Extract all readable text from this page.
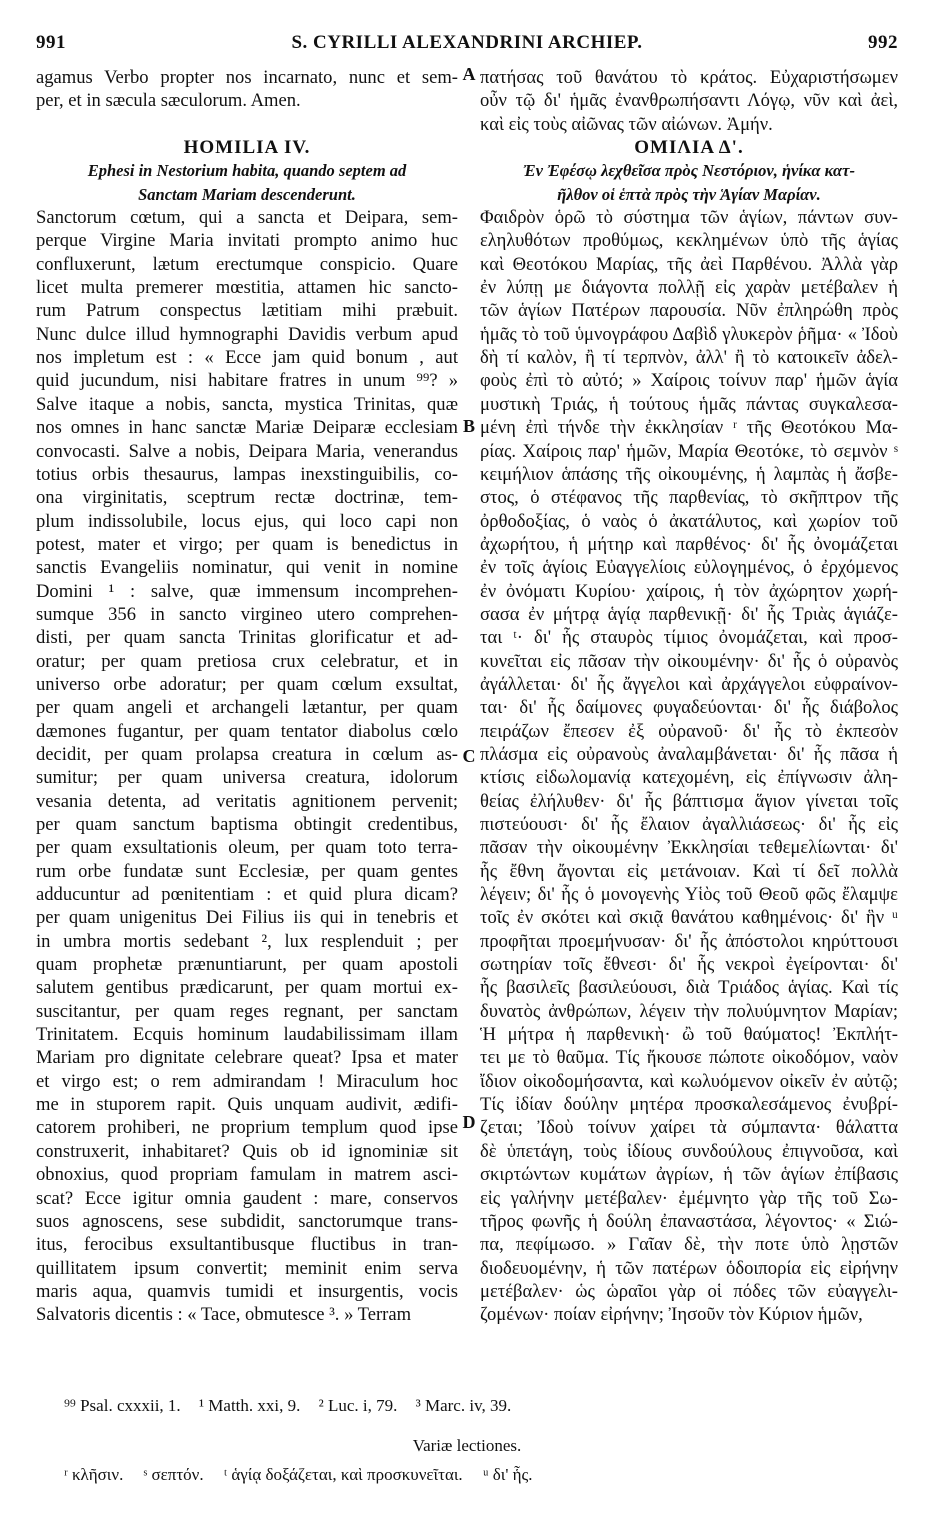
991	S. CYRILLI ALEXANDRINI ARCHIEP.	992
agamus Verbo propter nos incarnato, nunc et sem-
per, et in sæcula sæculorum. Amen.
HOMILIA IV.
Ephesi in Nestorium habita, quando septem ad
Sanctam Mariam descenderunt.
Sanctorum cœtum, qui a sancta et Deipara, sem-
perque Virgine Maria invitati prompto animo huc
confluxerunt, lætum erectumque conspicio. Quare
licet multa premerer mœstitia, attamen hic sancto-
rum Patrum conspectus lætitiam mihi præbuit.
Nunc dulce illud hymnographi Davidis verbum apud
nos impletum est : « Ecce jam quid bonum , aut
quid jucundum, nisi habitare fratres in unum ⁹⁹? »
Salve itaque a nobis, sancta, mystica Trinitas, quæ
nos omnes in hanc sanctæ Mariæ Deiparæ ecclesiam
convocasti. Salve a nobis, Deipara Maria, venerandus
totius orbis thesaurus, lampas inexstinguibilis, co-
ona virginitatis, sceptrum rectæ doctrinæ, tem-
plum indissolubile, locus ejus, qui loco capi non
potest, mater et virgo; per quam is benedictus in
sanctis Evangeliis nominatur, qui venit in nomine
Domini ¹ : salve, quæ immensum incomprehen-
sumque 356 in sancto virgineo utero comprehen-
disti, per quam sancta Trinitas glorificatur et ad-
oratur; per quam pretiosa crux celebratur, et in
universo orbe adoratur; per quam cœlum exsultat,
per quam angeli et archangeli lætantur, per quam
dæmones fugantur, per quam tentator diabolus cœlo
decidit, per quam prolapsa creatura in cœlum as-
sumitur; per quam universa creatura, idolorum
vesania detenta, ad veritatis agnitionem pervenit;
per quam sanctum baptisma obtingit credentibus,
per quam exsultationis oleum, per quam toto terra-
rum orbe fundatæ sunt Ecclesiæ, per quam gentes
adducuntur ad pœnitentiam : et quid plura dicam?
per quam unigenitus Dei Filius iis qui in tenebris et
in umbra mortis sedebant ², lux resplenduit ; per
quam prophetæ prænuntiarunt, per quam apostoli
salutem gentibus prædicarunt, per quam mortui ex-
suscitantur, per quam reges regnant, per sanctam
Trinitatem. Ecquis hominum laudabilissimam illam
Mariam pro dignitate celebrare queat? Ipsa et mater
et virgo est; o rem admirandam ! Miraculum hoc
me in stuporem rapit. Quis unquam audivit, ædifi-
catorem prohiberi, ne proprium templum quod ipse
construxerit, inhabitaret? Quis ob id ignominiæ sit
obnoxius, quod propriam famulam in matrem asci-
scat? Ecce igitur omnia gaudent : mare, conservos
suos agnoscens, sese subdidit, sanctorumque trans-
itus, ferocibus exsultantibusque fluctibus in tran-
quillitatem ipsum convertit; meminit enim serva
maris aqua, quamvis tumidi et insurgentis, vocis
Salvatoris dicentis : « Tace, obmutesce ³. » Terram
πατήσας τοῦ θανάτου τὸ κράτος. Εὐχαριστήσωμεν
οὖν τῷ δι' ἡμᾶς ἐνανθρωπήσαντι Λόγῳ, νῦν καὶ ἀεὶ,
καὶ εἰς τοὺς αἰῶνας τῶν αἰώνων. Ἀμήν.
ΟΜΙΛΙΑ Δ'.
Ἐν Ἐφέσῳ λεχθεῖσα πρὸς Νεστόριον, ἡνίκα κατ-
ῆλθον οἱ ἑπτὰ πρὸς τὴν Ἁγίαν Μαρίαν.
Φαιδρὸν ὁρῶ τὸ σύστημα τῶν ἁγίων, πάντων συν-
εληλυθότων προθύμως, κεκλημένων ὑπὸ τῆς ἁγίας
καὶ Θεοτόκου Μαρίας, τῆς ἀεὶ Παρθένου. Ἀλλὰ γὰρ
ἐν λύπῃ με διάγοντα πολλῇ εἰς χαρὰν μετέβαλεν ἡ
τῶν ἁγίων Πατέρων παρουσία. Νῦν ἐπληρώθη πρὸς
ἡμᾶς τὸ τοῦ ὑμνογράφου Δαβὶδ γλυκερὸν ῥῆμα· « Ἰδοὺ
δὴ τί καλὸν, ἢ τί τερπνὸν, ἀλλ' ἢ τὸ κατοικεῖν ἀδελ-
φοὺς ἐπὶ τὸ αὐτό; » Χαίροις τοίνυν παρ' ἡμῶν ἁγία
μυστικὴ Τριάς, ἡ τούτους ἡμᾶς πάντας συγκαλεσα-
μένη ἐπὶ τήνδε τὴν ἐκκλησίαν ʳ τῆς Θεοτόκου Μα-
ρίας. Χαίροις παρ' ἡμῶν, Μαρία Θεοτόκε, τὸ σεμνὸν ˢ
κειμήλιον ἁπάσης τῆς οἰκουμένης, ἡ λαμπὰς ἡ ἄσβε-
στος, ὁ στέφανος τῆς παρθενίας, τὸ σκῆπτρον τῆς
ὀρθοδοξίας, ὁ ναὸς ὁ ἀκατάλυτος, καὶ χωρίον τοῦ
ἀχωρήτου, ἡ μήτηρ καὶ παρθένος· δι' ἧς ὀνομάζεται
ἐν τοῖς ἁγίοις Εὐαγγελίοις εὐλογημένος, ὁ ἐρχόμενος
ἐν ὀνόματι Κυρίου· χαίροις, ἡ τὸν ἀχώρητον χωρή-
σασα ἐν μήτρᾳ ἁγίᾳ παρθενικῇ· δι' ἧς Τριὰς ἁγιάζε-
ται ᵗ· δι' ἧς σταυρὸς τίμιος ὀνομάζεται, καὶ προσ-
κυνεῖται εἰς πᾶσαν τὴν οἰκουμένην· δι' ἧς ὁ οὐρανὸς
ἀγάλλεται· δι' ἧς ἄγγελοι καὶ ἀρχάγγελοι εὐφραίνον-
ται· δι' ἧς δαίμονες φυγαδεύονται· δι' ἧς διάβολος
πειράζων ἔπεσεν ἐξ οὐρανοῦ· δι' ἧς τὸ ἐκπεσὸν
πλάσμα εἰς οὐρανοὺς ἀναλαμβάνεται· δι' ἧς πᾶσα ἡ
κτίσις εἰδωλομανίᾳ κατεχομένη, εἰς ἐπίγνωσιν ἀλη-
θείας ἐλήλυθεν· δι' ἧς βάπτισμα ἅγιον γίνεται τοῖς
πιστεύουσι· δι' ἧς ἔλαιον ἀγαλλιάσεως· δι' ἧς εἰς
πᾶσαν τὴν οἰκουμένην Ἐκκλησίαι τεθεμελίωνται· δι'
ἧς ἔθνη ἄγονται εἰς μετάνοιαν. Καὶ τί δεῖ πολλὰ
λέγειν; δι' ἧς ὁ μονογενὴς Υἱὸς τοῦ Θεοῦ φῶς ἔλαμψε
τοῖς ἐν σκότει καὶ σκιᾷ θανάτου καθημένοις· δι' ἣν ᵘ
προφῆται προεμήνυσαν· δι' ἧς ἀπόστολοι κηρύττουσι
σωτηρίαν τοῖς ἔθνεσι· δι' ἧς νεκροὶ ἐγείρονται· δι'
ἧς βασιλεῖς βασιλεύουσι, διὰ Τριάδος ἁγίας. Καὶ τίς
δυνατὸς ἀνθρώπων, λέγειν τὴν πολυύμνητον Μαρίαν;
Ἡ μήτρα ἡ παρθενικὴ· ὢ τοῦ θαύματος! Ἐκπλήτ-
τει με τὸ θαῦμα. Τίς ἤκουσε πώποτε οἰκοδόμον, ναὸν
ἴδιον οἰκοδομήσαντα, καὶ κωλυόμενον οἰκεῖν ἐν αὐτῷ;
Τίς ἰδίαν δούλην μητέρα προσκαλεσάμενος ἐνυβρί-
ζεται; Ἰδοὺ τοίνυν χαίρει τὰ σύμπαντα· θάλαττα
δὲ ὑπετάγη, τοὺς ἰδίους συνδούλους ἐπιγνοῦσα, καὶ
σκιρτώντων κυμάτων ἀγρίων, ἡ τῶν ἁγίων ἐπίβασις
εἰς γαλήνην μετέβαλεν· ἐμέμνητο γὰρ τῆς τοῦ Σω-
τῆρος φωνῆς ἡ δούλη ἐπαναστάσα, λέγοντος· « Σιώ-
πα, πεφίμωσο. » Γαῖαν δὲ, τὴν ποτε ὑπὸ λῃστῶν
διοδευομένην, ἡ τῶν πατέρων ὁδοιπορία εἰς εἰρήνην
μετέβαλεν· ὡς ὡραῖοι γὰρ οἱ πόδες τῶν εὐαγγελι-
ζομένων· ποίαν εἰρήνην; Ἰησοῦν τὸν Κύριον ἡμῶν,
A
B
C
D
⁹⁹ Psal. cxxxii, 1. ¹ Matth. xxi, 9. ² Luc. i, 79. ³ Marc. iv, 39.
Variæ lectiones.
ʳ κλῆσιν. ˢ σεπτόν. ᵗ ἁγίᾳ δοξάζεται, καὶ προσκυνεῖται. ᵘ δι' ἧς.
